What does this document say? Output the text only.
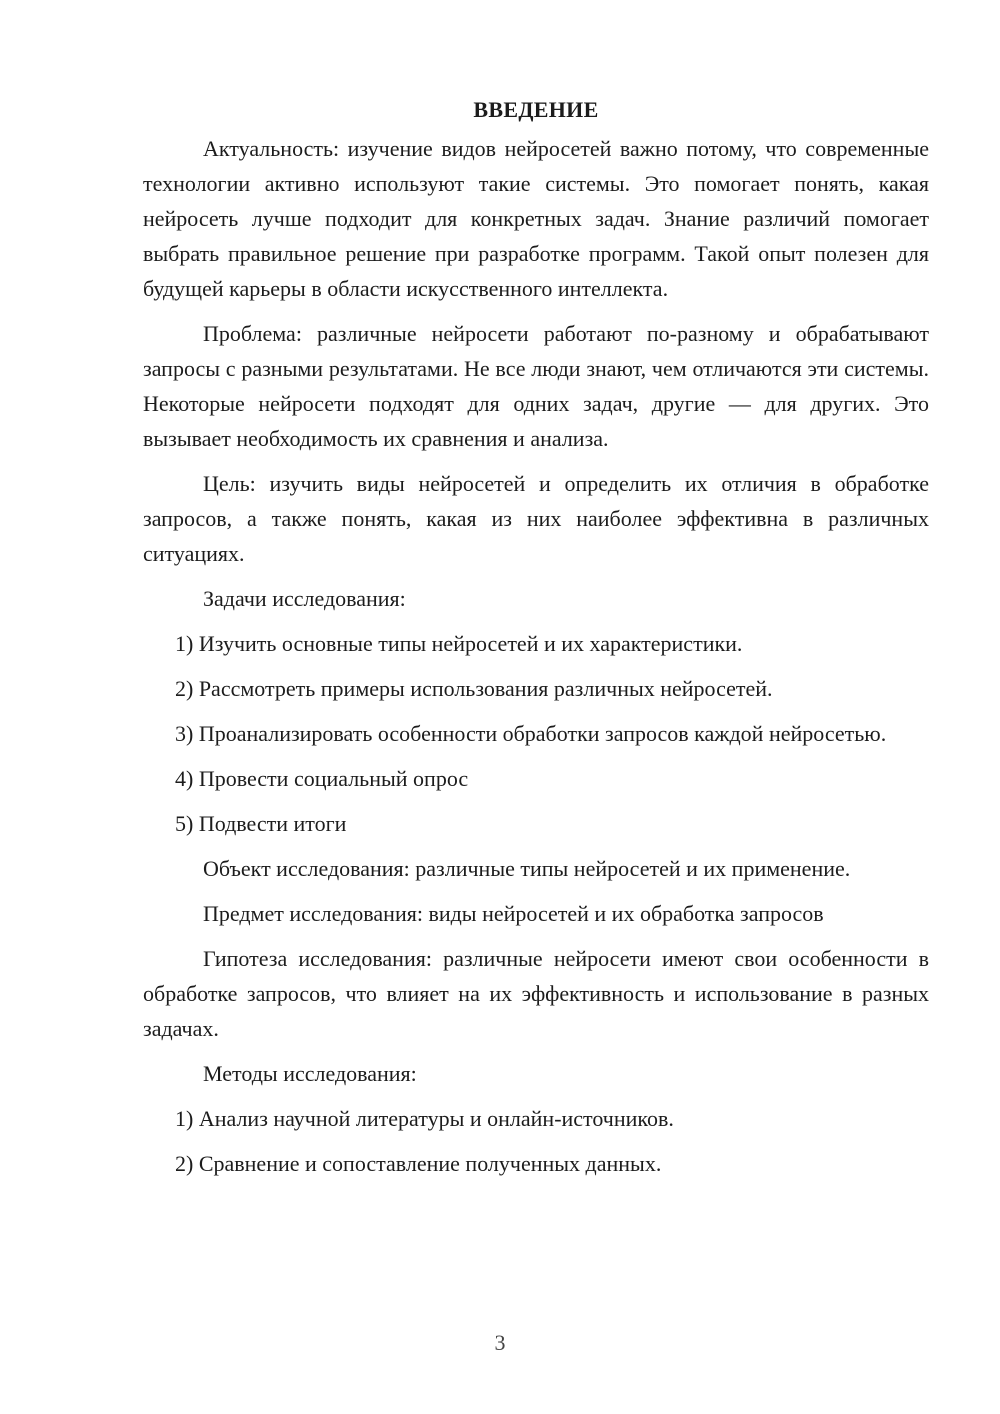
ВВЕДЕНИЕ

Актуальность: изучение видов нейросетей важно потому, что современные технологии активно используют такие системы. Это помогает понять, какая нейросеть лучше подходит для конкретных задач. Знание различий помогает выбрать правильное решение при разработке программ. Такой опыт полезен для будущей карьеры в области искусственного интеллекта.

Проблема: различные нейросети работают по-разному и обрабатывают запросы с разными результатами. Не все люди знают, чем отличаются эти системы. Некоторые нейросети подходят для одних задач, другие — для других. Это вызывает необходимость их сравнения и анализа.

Цель: изучить виды нейросетей и определить их отличия в обработке запросов, а также понять, какая из них наиболее эффективна в различных ситуациях.

Задачи исследования:

1) Изучить основные типы нейросетей и их характеристики.

2) Рассмотреть примеры использования различных нейросетей.

3) Проанализировать особенности обработки запросов каждой нейросетью.

4) Провести социальный опрос

5) Подвести итоги

Объект исследования: различные типы нейросетей и их применение.

Предмет исследования: виды нейросетей и их обработка запросов

Гипотеза исследования: различные нейросети имеют свои особенности в обработке запросов, что влияет на их эффективность и использование в разных задачах.

Методы исследования:

1) Анализ научной литературы и онлайн-источников.

2) Сравнение и сопоставление полученных данных.

3
